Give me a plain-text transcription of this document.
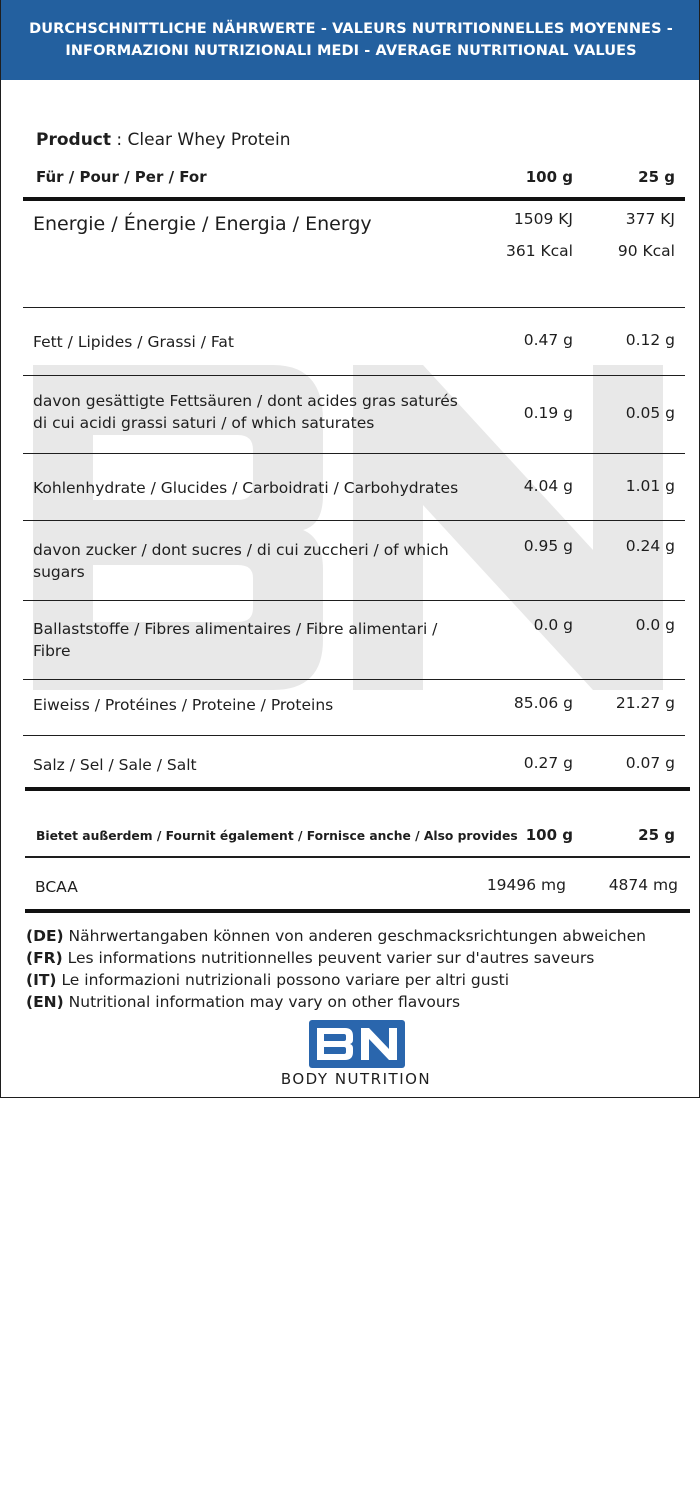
DURCHSCHNITTLICHE NÄHRWERTE - VALEURS NUTRITIONNELLES MOYENNES -
INFORMAZIONI NUTRIZIONALI MEDI - AVERAGE NUTRITIONAL VALUES
Product : Clear Whey Protein
Für / Pour / Per / For	100 g	25 g
Energie / Énergie / Energia / Energy	1509 KJ	377 KJ
361 Kcal	90 Kcal
Fett / Lipides / Grassi / Fat	0.47 g	0.12 g
davon gesättigte Fettsäuren / dont acides gras saturés
di cui acidi grassi saturi / of which saturates
0.19 g	0.05 g
Kohlenhydrate / Glucides / Carboidrati / Carbohydrates	4.04 g	1.01 g
davon zucker / dont sucres / di cui zuccheri / of which
sugars
0.95 g	0.24 g
Ballaststoffe / Fibres alimentaires / Fibre alimentari /
Fibre
0.0 g	0.0 g
Eiweiss / Protéines / Proteine / Proteins	85.06 g	21.27 g
Salz / Sel / Sale / Salt	0.27 g	0.07 g
Bietet außerdem / Fournit également / Fornisce anche / Also provides 100 g	25 g
BCAA	19496 mg	4874 mg
(DE) Nährwertangaben können von anderen geschmacksrichtungen abweichen
(FR) Les informations nutritionnelles peuvent varier sur d'autres saveurs
(IT) Le informazioni nutrizionali possono variare per altri gusti
(EN) Nutritional information may vary on other flavours
BODY NUTRITION
